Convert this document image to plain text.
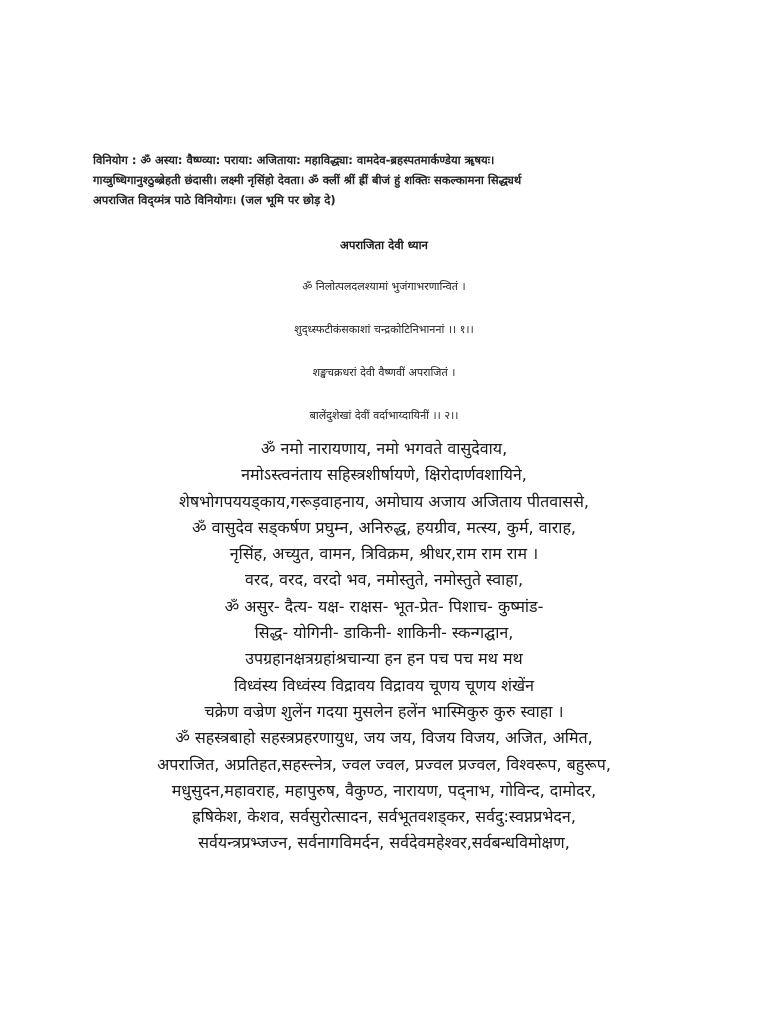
विनियोग : ॐ अस्या: वैष्ण्व्या: पराया: अजिताया: महाविद्ध्या: वामदेव-ब्रहस्पतमार्कण्डेया ॠषयः।
गाय्त्रुष्धिगानुश्ठुब्ब्रेहती छंदासी। लक्ष्मी नृसिंहो देवता। ॐ क्लीं श्रीं ह्रीं बीजं हुं शक्तिः सकल्कामना सिद्ध्यर्थ
अपराजित विद्य्मंत्र पाठे विनियोगः। (जल भूमि पर छोड़ दे)
अपराजिता देवी ध्यान
ॐ निलोत्पलदलश्यामां भुजंगाभरणान्वितं ।
शुद्ध्स्फटीकंसकाशां चन्द्रकोटिनिभाननां ।। १।।
शङ्खचक्रधरां देवी वैष्णवीं अपराजितं ।
बालेंदुशेखां देवीं वर्दाभाय्दायिनीं ।। २।।
ॐ नमो नारायणाय, नमो भगवते वासुदेवाय,
नमोऽस्त्वनंताय सहिस्त्रशीर्षायणे, क्षिरोदार्णवशायिने,
शेषभोगपययड्काय,गरूड़वाहनाय, अमोघाय अजाय अजिताय पीतवाससे,
ॐ वासुदेव सड्कर्षण प्रघुम्न, अनिरुद्ध, हयग्रीव, मत्स्य, कुर्म, वाराह,
नृसिंह, अच्युत, वामन, त्रिविक्रम, श्रीधर,राम राम राम ।
वरद, वरद, वरदो भव, नमोस्तुते, नमोस्तुते स्वाहा,
ॐ असुर- दैत्य- यक्ष- राक्षस- भूत-प्रेत- पिशाच- कुष्मांड-
सिद्ध- योगिनी- डाकिनी- शाकिनी- स्कन्गद्घान,
उपग्रहानक्षत्रग्रहांश्रचान्या हन हन पच पच मथ मथ
विध्वंस्य विध्वंस्य विद्रावय विद्रावय चूणय चूणय शंखेंन
चक्रेण वज्रेण शुलेंन गदया मुसलेन हलेंन भास्मिकुरु कुरु स्वाहा ।
ॐ सहस्त्रबाहो सहस्त्रप्रहरणायुध, जय जय, विजय विजय, अजित, अमित,
अपराजित, अप्रतिहत,सहस्त्त्नेत्र, ज्वल ज्वल, प्रज्वल प्रज्वल, विश्वरूप, बहुरूप,
मधुसुदन,महावराह, महापुरुष, वैकुण्ठ, नारायण, पद्नाभ, गोविन्द, दामोदर,
ह्रषिकेश, केशव, सर्वसुरोत्सादन, सर्वभूतवशड्कर, सर्वदु:स्वप्नप्रभेदन,
सर्वयन्त्रप्रभ्जज्न, सर्वनागविमर्दन, सर्वदेवमहेश्वर,सर्वबन्धविमोक्षण,
